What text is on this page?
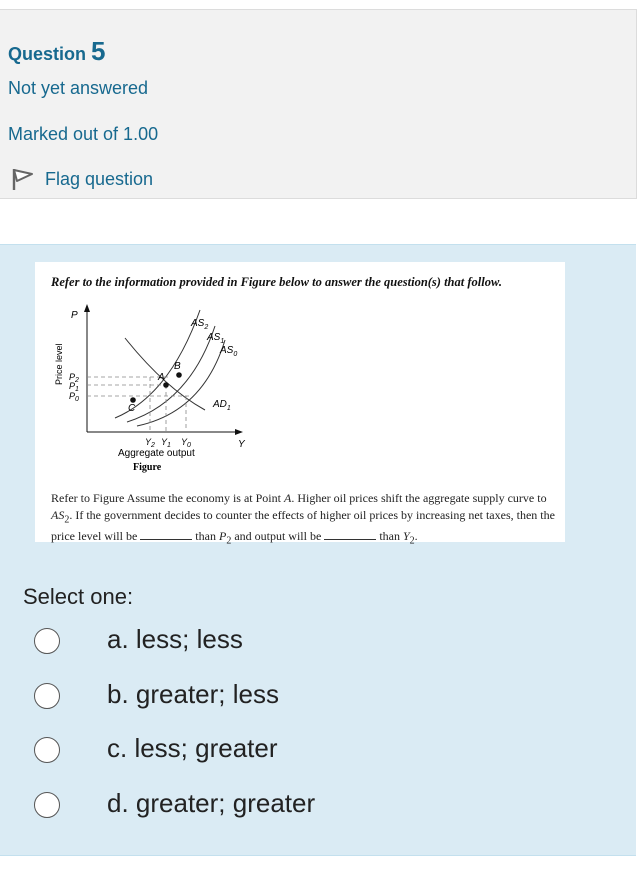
Question 5
Not yet answered
Marked out of 1.00
Flag question
Refer to the information provided in Figure below to answer the question(s) that follow.
P
Y
Price level	A
B
C
$AS_2$
$AS_1$
$AS_0$
$AD_1$
$P_2$
$P_1$
$P_0$
$Y_2$ $Y_1$ $Y_0$
Aggregate output
Figure
Refer to Figure Assume the economy is at Point A. Higher oil prices shift the aggregate supply curve to $AS_2$. If the government decides to counter the effects of higher oil prices by increasing net taxes, then the price level will be	than $P_2$ and output will be	than $Y_2$.
Select one:
a. less; less
b. greater; less
c. less; greater
d. greater; greater
